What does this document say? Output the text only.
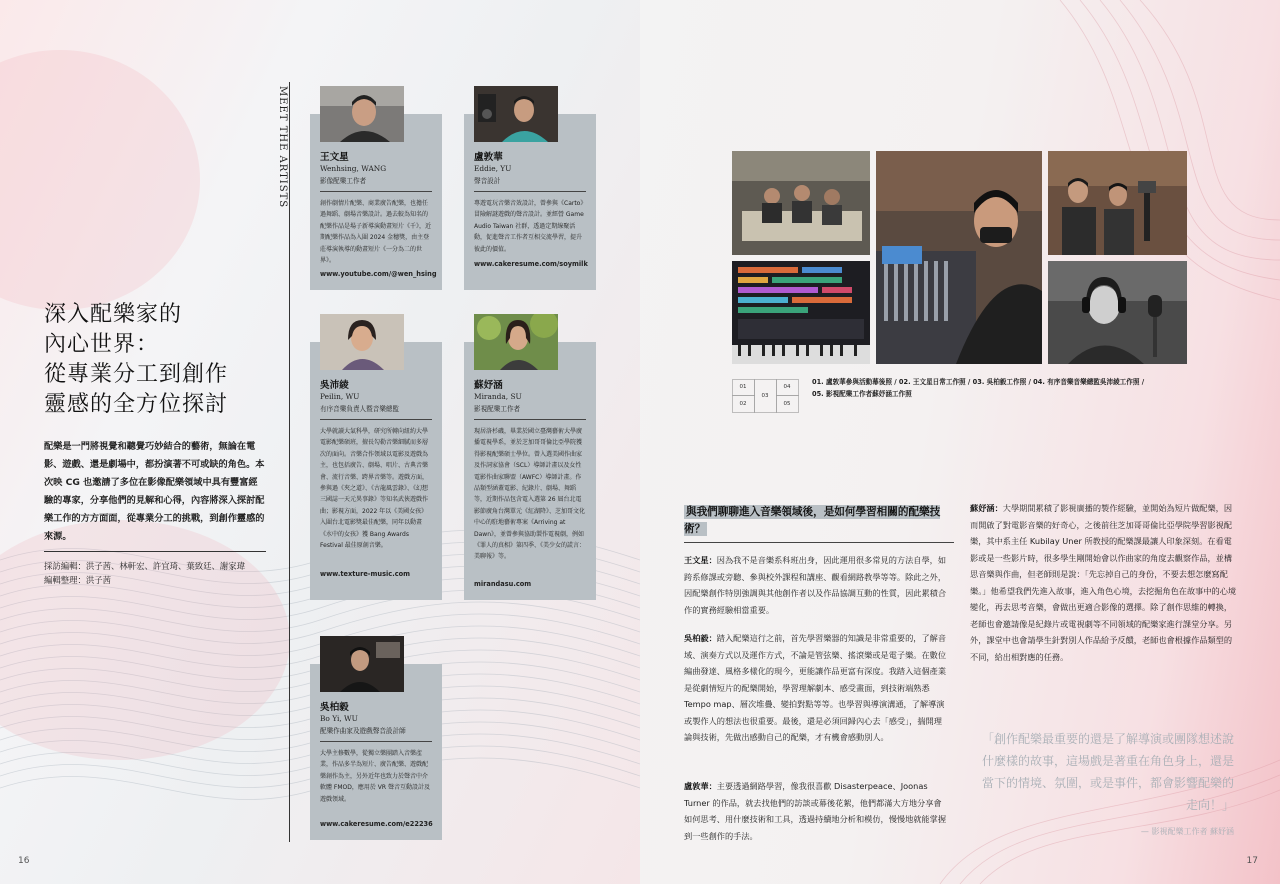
深入配樂家的
內心世界：
從專業分工到創作
靈感的全方位探討

配樂是一門將視覺和聽覺巧妙結合的藝術，無論在電影、遊戲、還是劇場中，都扮演著不可或缺的角色。本次映 CG 也邀請了多位在影像配樂領域中具有豐富經驗的專家，分享他們的見解和心得，內容將深入探討配樂工作的方方面面，從專業分工的挑戰，到創作靈感的來源。

採訪編輯：洪子茜、林軒宏、許宜琦、葉致廷、謝家瑋
編輯整理：洪子茜
MEET THE ARTISTS	王文星
Wenhsing, WANG
影像配樂工作者
創作劇情片配樂、商業廣告配樂，也擔任過舞蹈、劇場音樂設計。過去較為知名的配樂作品是場子新導演動畫短片《千》，近期配樂作品為入圍 2024 金穗獎，由主登莊導演執導的動畫短片《一分為二的世界》。
www.youtube.com/@wen_hsing
盧敦華
Eddie, YU
聲音設計
專遊電玩音樂音效設計，曾參與《Carto》冒險解謎遊戲的聲音設計。並經營 Game Audio Taiwan 社群，透過定期線聚活動，促進聲音工作者互相交流學習，提升彼此的價值。
www.cakeresume.com/soymilk
吳沛綾
Peilin, WU
有序音樂負責人暨音樂總監
大學就讀大氣科學，研究所轉向紐約大學電影配樂碩班，擅長勾勒音樂細膩而多層次的面向。音樂合作領域以電影及遊戲為主，也包括廣告、劇場、唱片、古典音樂會、流行音樂、跨界音樂等。遊戲方面，參與過《夾之道》、《古龍風雲錄》、《幻想三國誌一天元異事錄》等知名武俠遊戲作曲；影視方面，2022 年以《美國女孩》入圍台北電影獎最佳配樂，同年以動畫《水中的女孩》獲 Bang Awards Festival 最佳原創音樂。
www.texture-music.com
蘇妤涵
Miranda, SU
影視配樂工作者
現居洛杉磯，畢業於國立臺灣藝術大學廣播電視學系，並於芝加哥哥倫比亞學院獲得影視配樂碩士學位。曾入選美國作曲家及作詞家協會（SCL）導師計畫以及女性電影作曲家聯盟（AWFC）導師計畫。作品類型涵蓋電影、紀錄片、劇場、舞蹈等，近期作品包含電入選第 26 屆台北電影節廣角台灣單元《紅湖降》、芝加哥文化中心的駐地藝術專案《Arriving at Dawn》，並曾參與協助製作電視劇，例如《罪人的真相》第四季、《美少女的謊言：美聊報》等。
mirandasu.com
吳柏毅
Bo Yi, WU
配樂作曲家及遊戲聲音設計師
大學主修數學，從獨立樂團踏入音樂產業，作品多半為短片、廣告配樂、遊戲配樂創作為主，另外近年也致力於聲音中介軟體 FMOD，應用於 VR 聲音互動設計及遊戲領域。
www.cakeresume.com/e22236
16
01
02
03
04
05
01. 盧敦華參與活動幕後照 / 02. 王文星日常工作照 / 03. 吳柏毅工作照 / 04. 有序音樂音樂總監吳沛綾工作照 / 05. 影視配樂工作者蘇妤涵工作照
與我們聊聊進入音樂領域後，是如何學習相關的配樂技術？

王文星：因為我不是音樂系科班出身，因此運用很多常見的方法自學，如跨系修課或旁聽、參與校外課程和講座、觀看網路教學等等。除此之外，因配樂創作特別強調與其他創作者以及作品協調互動的性質，因此累積合作的實務經驗相當重要。

吳柏毅：踏入配樂這行之前，首先學習樂器的知識是非常重要的，了解音域、演奏方式以及運作方式，不論是管弦樂、搖滾樂或是電子樂。在數位編曲發達、風格多樣化的現今，更能讓作品更富有深度。我踏入這個產業是從劇情短片的配樂開始，學習理解劇本、感受畫面，到技術端熟悉 Tempo map、層次堆疊、變拍對點等等。也學習與導演溝通，了解導演或製作人的想法也很重要。最後，還是必須回歸內心去「感受」，揣開理論與技術，先做出感動自己的配樂，才有機會感動別人。

盧敦華：主要透過網路學習，像我很喜歡 Disasterpeace、Joonas Turner 的作品，就去找他們的訪談或幕後花絮，他們都滿大方地分享會如何思考、用什麼技術和工具，透過持續地分析和模仿，慢慢地就能掌握到一些創作的手法。

蘇妤涵：大學期間累積了影視廣播的製作經驗，並開始為短片做配樂，因而開啟了對電影音樂的好奇心，之後前往芝加哥哥倫比亞學院學習影視配樂，其中系主任 Kubilay Uner 所教授的配樂課最讓人印象深刻。在看電影或是一些影片時，很多學生剛開始會以作曲家的角度去觀察作品，並構思音樂與作曲，但老師則是說：「先忘掉自己的身份，不要去想怎麼寫配樂。」他希望我們先進入故事，進入角色心境，去挖掘角色在故事中的心境變化，再去思考音樂，會做出更適合影像的選擇。除了創作思維的轉換，老師也會邀請像是紀錄片或電視劇等不同領域的配樂家進行課堂分享。另外，課堂中也會請學生針對別人作品給予反饋，老師也會根據作品類型的不同，給出相對應的任務。

「創作配樂最重要的還是了解導演或團隊想述說什麼樣的故事，這場戲是著重在角色身上，還是當下的情境、氛圍，或是事件，都會影響配樂的走向！」

— 影視配樂工作者 蘇妤涵
17
